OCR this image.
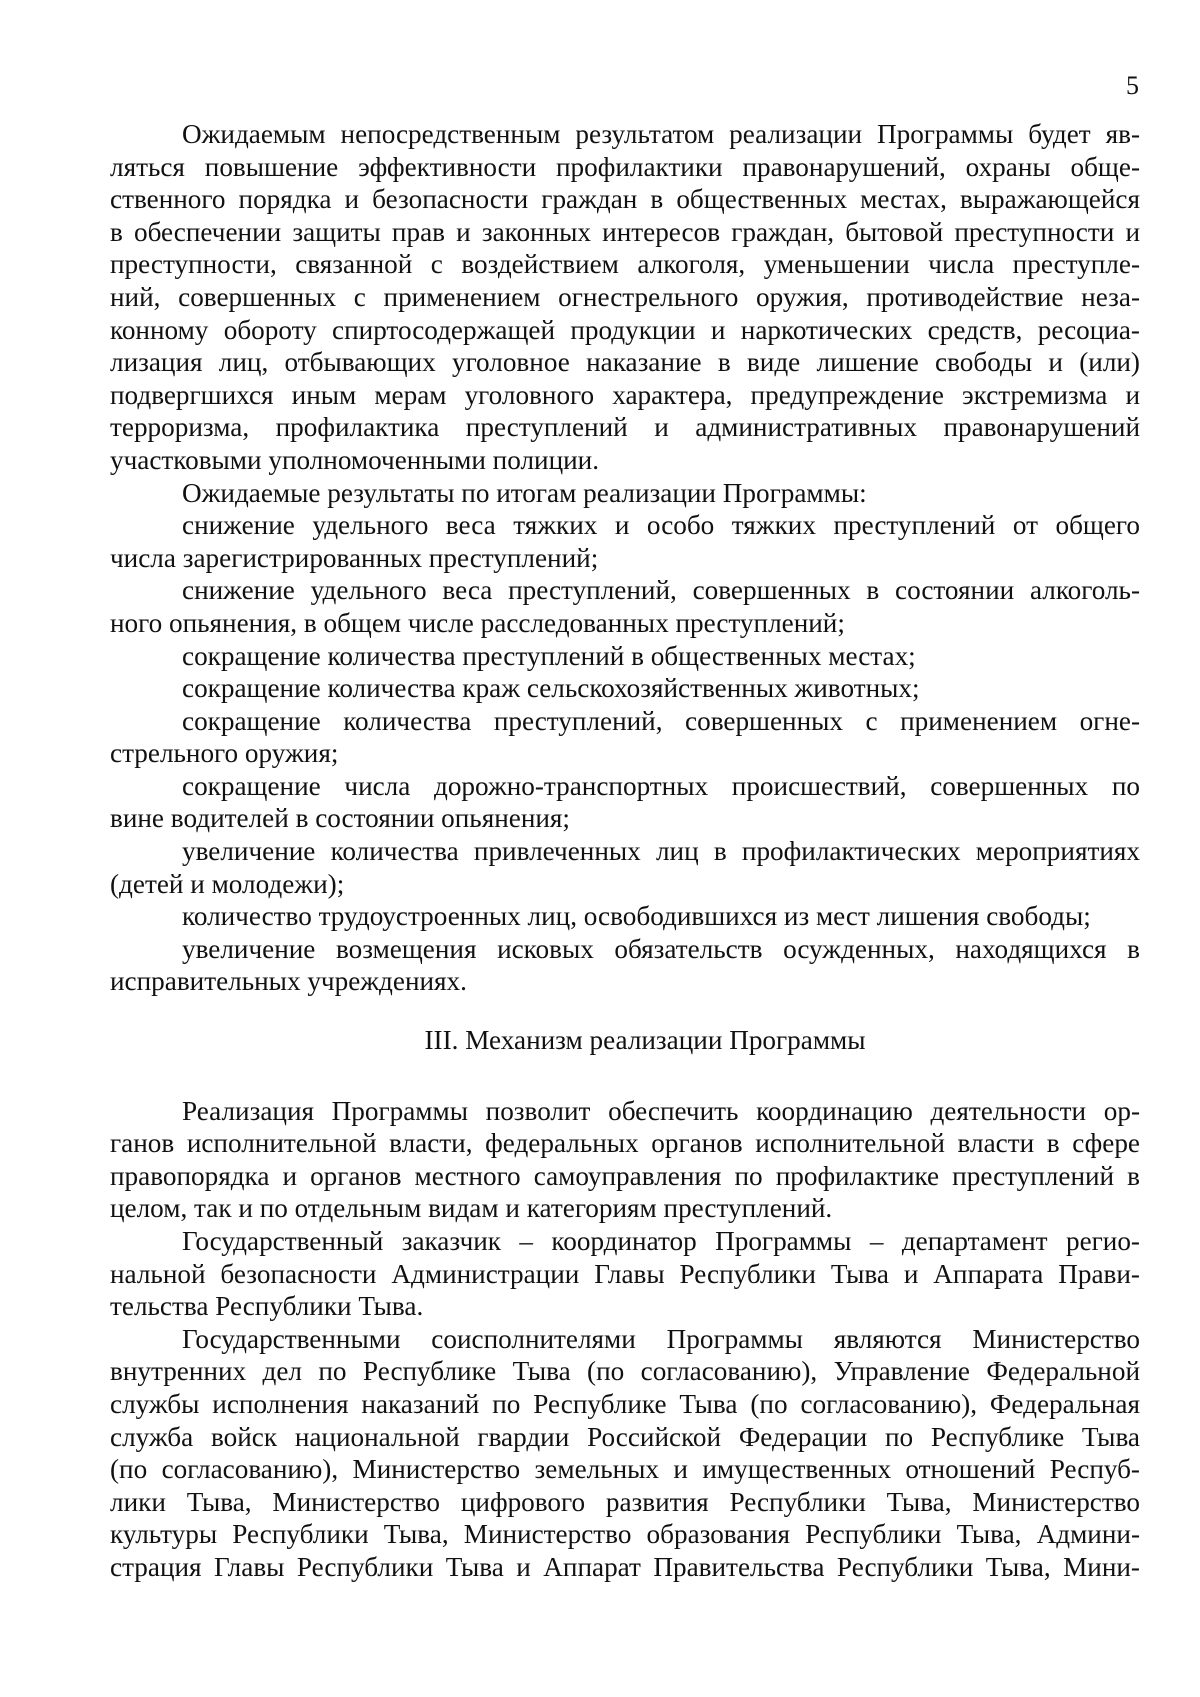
5
Ожидаемым непосредственным результатом реализации Программы будет яв-
ляться повышение эффективности профилактики правонарушений, охраны обще-
ственного порядка и безопасности граждан в общественных местах, выражающейся
в обеспечении защиты прав и законных интересов граждан, бытовой преступности и
преступности, связанной с воздействием алкоголя, уменьшении числа преступле-
ний, совершенных с применением огнестрельного оружия, противодействие неза-
конному обороту спиртосодержащей продукции и наркотических средств, ресоциа-
лизация лиц, отбывающих уголовное наказание в виде лишение свободы и (или)
подвергшихся иным мерам уголовного характера, предупреждение экстремизма и
терроризма, профилактика преступлений и административных правонарушений
участковыми уполномоченными полиции.
Ожидаемые результаты по итогам реализации Программы:
снижение удельного веса тяжких и особо тяжких преступлений от общего
числа зарегистрированных преступлений;
снижение удельного веса преступлений, совершенных в состоянии алкоголь-
ного опьянения, в общем числе расследованных преступлений;
сокращение количества преступлений в общественных местах;
сокращение количества краж сельскохозяйственных животных;
сокращение количества преступлений, совершенных с применением огне-
стрельного оружия;
сокращение числа дорожно-транспортных происшествий, совершенных по
вине водителей в состоянии опьянения;
увеличение количества привлеченных лиц в профилактических мероприятиях
(детей и молодежи);
количество трудоустроенных лиц, освободившихся из мест лишения свободы;
увеличение возмещения исковых обязательств осужденных, находящихся в
исправительных учреждениях.
III. Механизм реализации Программы
Реализация Программы позволит обеспечить координацию деятельности ор-
ганов исполнительной власти, федеральных органов исполнительной власти в сфере
правопорядка и органов местного самоуправления по профилактике преступлений в
целом, так и по отдельным видам и категориям преступлений.
Государственный заказчик – координатор Программы – департамент регио-
нальной безопасности Администрации Главы Республики Тыва и Аппарата Прави-
тельства Республики Тыва.
Государственными соисполнителями Программы являются Министерство
внутренних дел по Республике Тыва (по согласованию), Управление Федеральной
службы исполнения наказаний по Республике Тыва (по согласованию), Федеральная
служба войск национальной гвардии Российской Федерации по Республике Тыва
(по согласованию), Министерство земельных и имущественных отношений Респуб-
лики Тыва, Министерство цифрового развития Республики Тыва, Министерство
культуры Республики Тыва, Министерство образования Республики Тыва, Админи-
страция Главы Республики Тыва и Аппарат Правительства Республики Тыва, Мини-
